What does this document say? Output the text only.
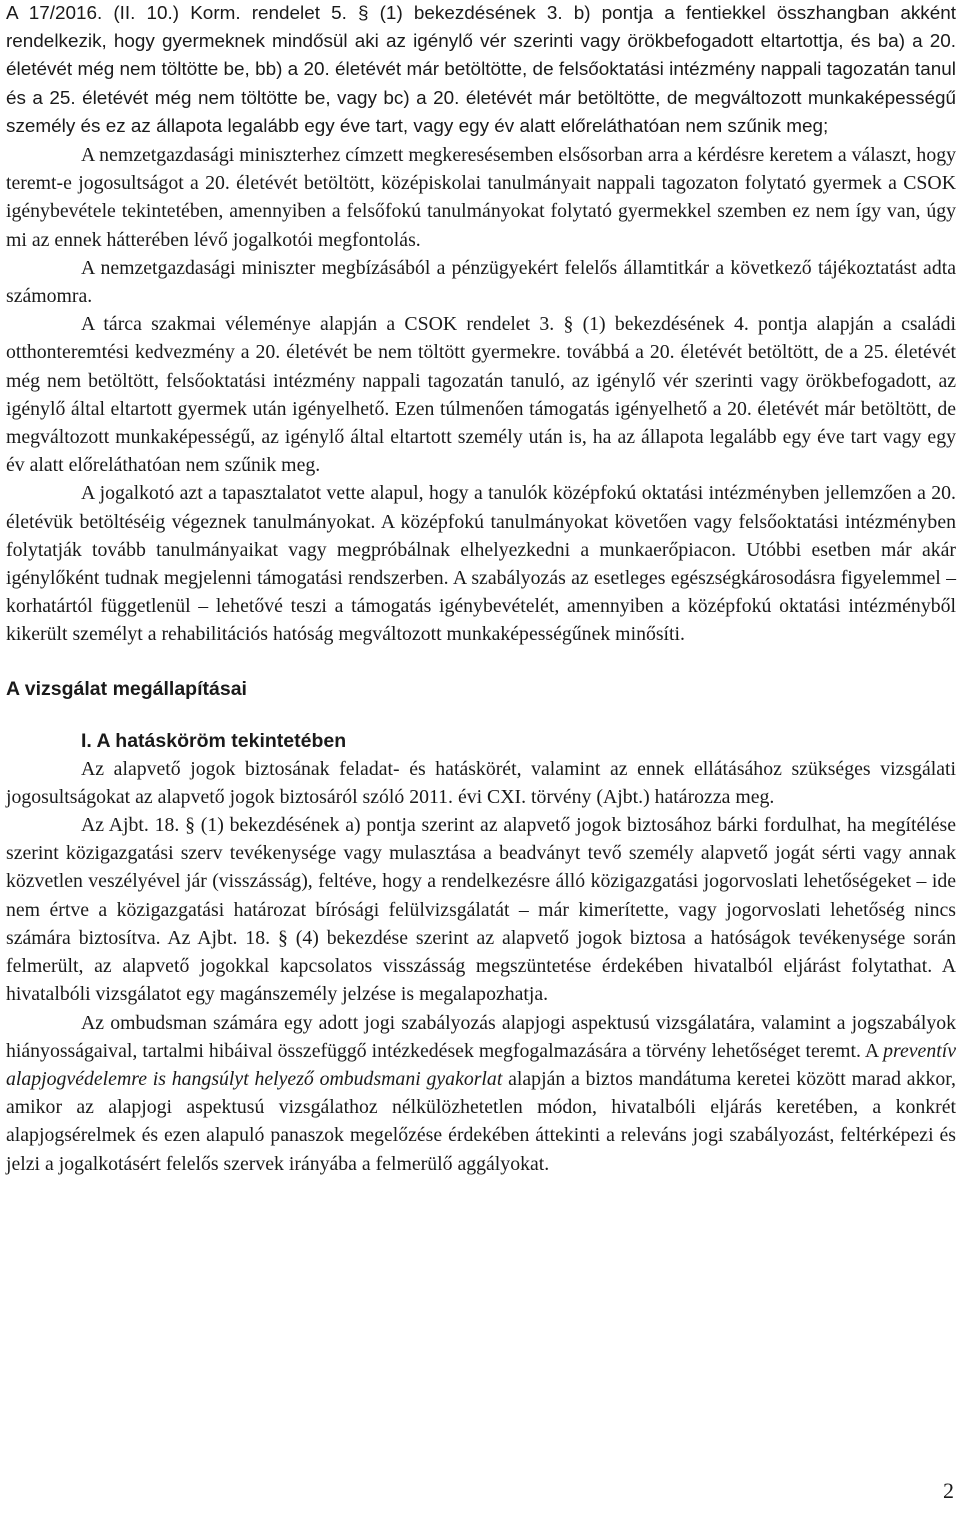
A 17/2016. (II. 10.) Korm. rendelet 5. § (1) bekezdésének 3. b) pontja a fentiekkel összhangban akként rendelkezik, hogy gyermeknek mindősül aki az igénylő vér szerinti vagy örökbefogadott eltartottja, és ba) a 20. életévét még nem töltötte be, bb) a 20. életévét már betöltötte, de felsőoktatási intézmény nappali tagozatán tanul és a 25. életévét még nem töltötte be, vagy bc) a 20. életévét már betöltötte, de megváltozott munkaképességű személy és ez az állapota legalább egy éve tart, vagy egy év alatt előreláthatóan nem szűnik meg;

A nemzetgazdasági miniszterhez címzett megkeresésemben elsősorban arra a kérdésre keretem a választ, hogy teremt-e jogosultságot a 20. életévét betöltött, középiskolai tanulmányait nappali tagozaton folytató gyermek a CSOK igénybevétele tekintetében, amennyiben a felsőfokú tanulmányokat folytató gyermekkel szemben ez nem így van, úgy mi az ennek hátterében lévő jogalkotói megfontolás.

A nemzetgazdasági miniszter megbízásából a pénzügyekért felelős államtitkár a következő tájékoztatást adta számomra.

A tárca szakmai véleménye alapján a CSOK rendelet 3. § (1) bekezdésének 4. pontja alapján a családi otthonteremtési kedvezmény a 20. életévét be nem töltött gyermekre. továbbá a 20. életévét betöltött, de a 25. életévét még nem betöltött, felsőoktatási intézmény nappali tagozatán tanuló, az igénylő vér szerinti vagy örökbefogadott, az igénylő által eltartott gyermek után igényelhető. Ezen túlmenően támogatás igényelhető a 20. életévét már betöltött, de megváltozott munkaképességű, az igénylő által eltartott személy után is, ha az állapota legalább egy éve tart vagy egy év alatt előreláthatóan nem szűnik meg.

A jogalkotó azt a tapasztalatot vette alapul, hogy a tanulók középfokú oktatási intézményben jellemzően a 20. életévük betöltéséig végeznek tanulmányokat. A középfokú tanulmányokat követően vagy felsőoktatási intézményben folytatják tovább tanulmányaikat vagy megpróbálnak elhelyezkedni a munkaerőpiacon. Utóbbi esetben már akár igénylőként tudnak megjelenni támogatási rendszerben. A szabályozás az esetleges egészségkárosodásra figyelemmel – korhatártól függetlenül – lehetővé teszi a támogatás igénybevételét, amennyiben a középfokú oktatási intézményből kikerült személyt a rehabilitációs hatóság megváltozott munkaképességűnek minősíti.

A vizsgálat megállapításai

I. A hatásköröm tekintetében

Az alapvető jogok biztosának feladat- és hatáskörét, valamint az ennek ellátásához szükséges vizsgálati jogosultságokat az alapvető jogok biztosáról szóló 2011. évi CXI. törvény (Ajbt.) határozza meg.

Az Ajbt. 18. § (1) bekezdésének a) pontja szerint az alapvető jogok biztosához bárki fordulhat, ha megítélése szerint közigazgatási szerv tevékenysége vagy mulasztása a beadványt tevő személy alapvető jogát sérti vagy annak közvetlen veszélyével jár (visszásság), feltéve, hogy a rendelkezésre álló közigazgatási jogorvoslati lehetőségeket – ide nem értve a közigazgatási határozat bírósági felülvizsgálatát – már kimerítette, vagy jogorvoslati lehetőség nincs számára biztosítva. Az Ajbt. 18. § (4) bekezdése szerint az alapvető jogok biztosa a hatóságok tevékenysége során felmerült, az alapvető jogokkal kapcsolatos visszásság megszüntetése érdekében hivatalból eljárást folytathat. A hivatalbóli vizsgálatot egy magánszemély jelzése is megalapozhatja.

Az ombudsman számára egy adott jogi szabályozás alapjogi aspektusú vizsgálatára, valamint a jogszabályok hiányosságaival, tartalmi hibáival összefüggő intézkedések megfogalmazására a törvény lehetőséget teremt. A preventív alapjogvédelemre is hangsúlyt helyező ombudsmani gyakorlat alapján a biztos mandátuma keretei között marad akkor, amikor az alapjogi aspektusú vizsgálathoz nélkülözhetetlen módon, hivatalbóli eljárás keretében, a konkrét alapjogsérelmek és ezen alapuló panaszok megelőzése érdekében áttekinti a releváns jogi szabályozást, feltérképezi és jelzi a jogalkotásért felelős szervek irányába a felmerülő aggályokat.

2
